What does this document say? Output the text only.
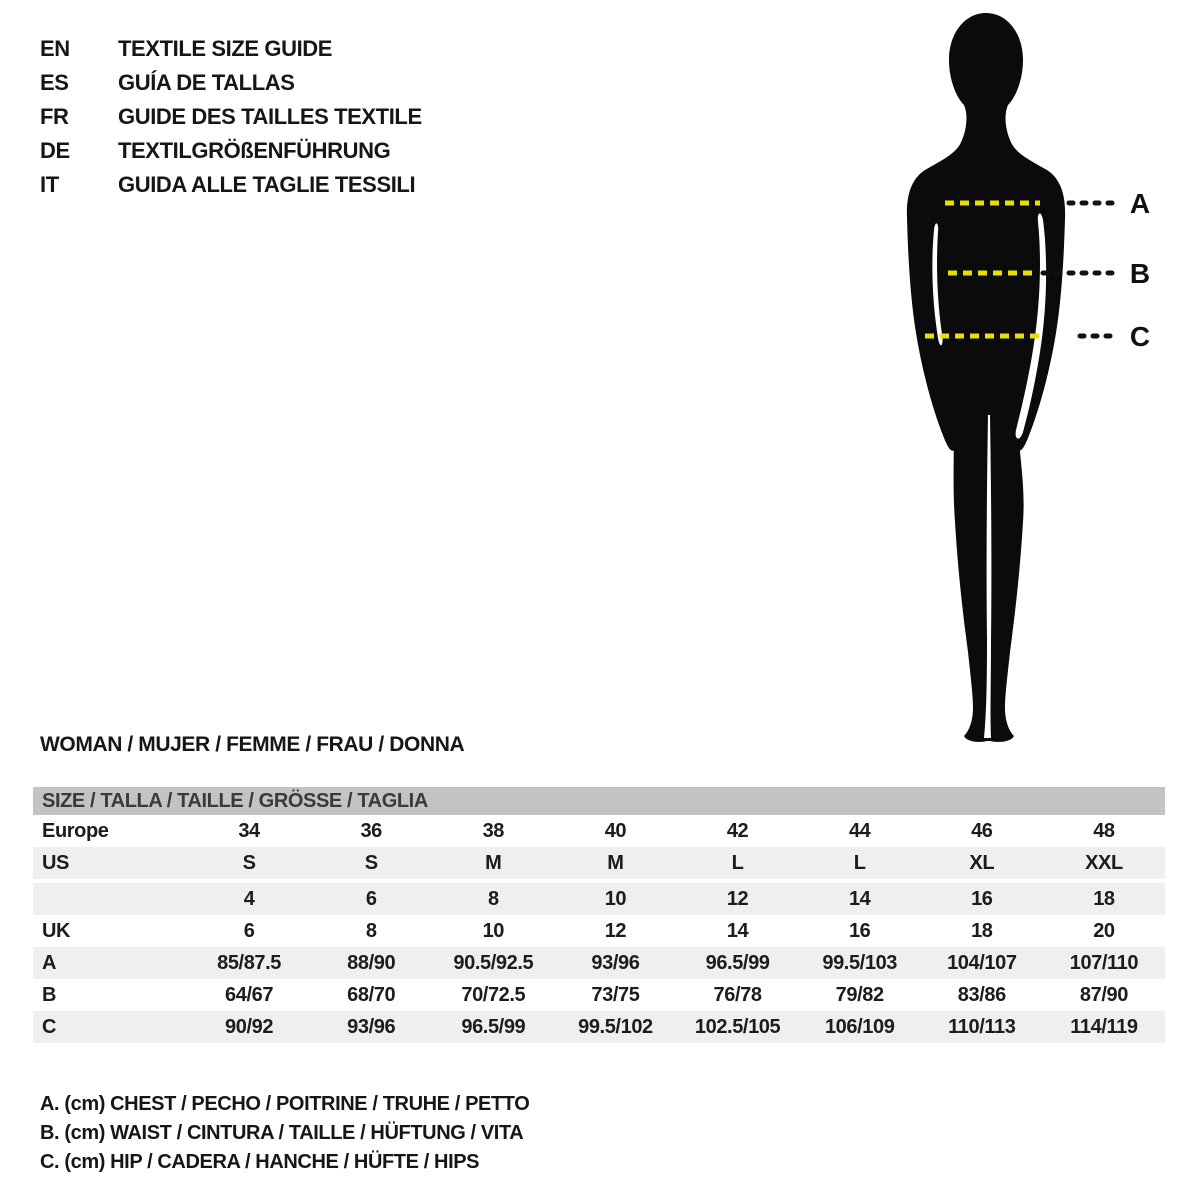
EN TEXTILE SIZE GUIDE
ES GUÍA DE TALLAS
FR GUIDE DES TAILLES TEXTILE
DE TEXTILGRÖßENFÜHRUNG
IT	GUIDA ALLE TAGLIE TESSILI
A
B
C
WOMAN / MUJER / FEMME / FRAU / DONNA
SIZE / TALLA / TAILLE / GRÖSSE / TAGLIA
Europe	34	36	38	40	42	44	46	48
US	S	S	M	M	L	L	XL	XXL
	4	6	8	10	12	14	16	18
UK	6	8	10	12	14	16	18	20
A	85/87.5	88/90	90.5/92.5	93/96	96.5/99	99.5/103	104/107	107/110
B	64/67	68/70	70/72.5	73/75	76/78	79/82	83/86	87/90
C	90/92	93/96	96.5/99	99.5/102	102.5/105	106/109	110/113	114/119
A. (cm) CHEST / PECHO / POITRINE / TRUHE / PETTO
B. (cm) WAIST / CINTURA / TAILLE / HÜFTUNG / VITA
C. (cm) HIP / CADERA / HANCHE / HÜFTE / HIPS
